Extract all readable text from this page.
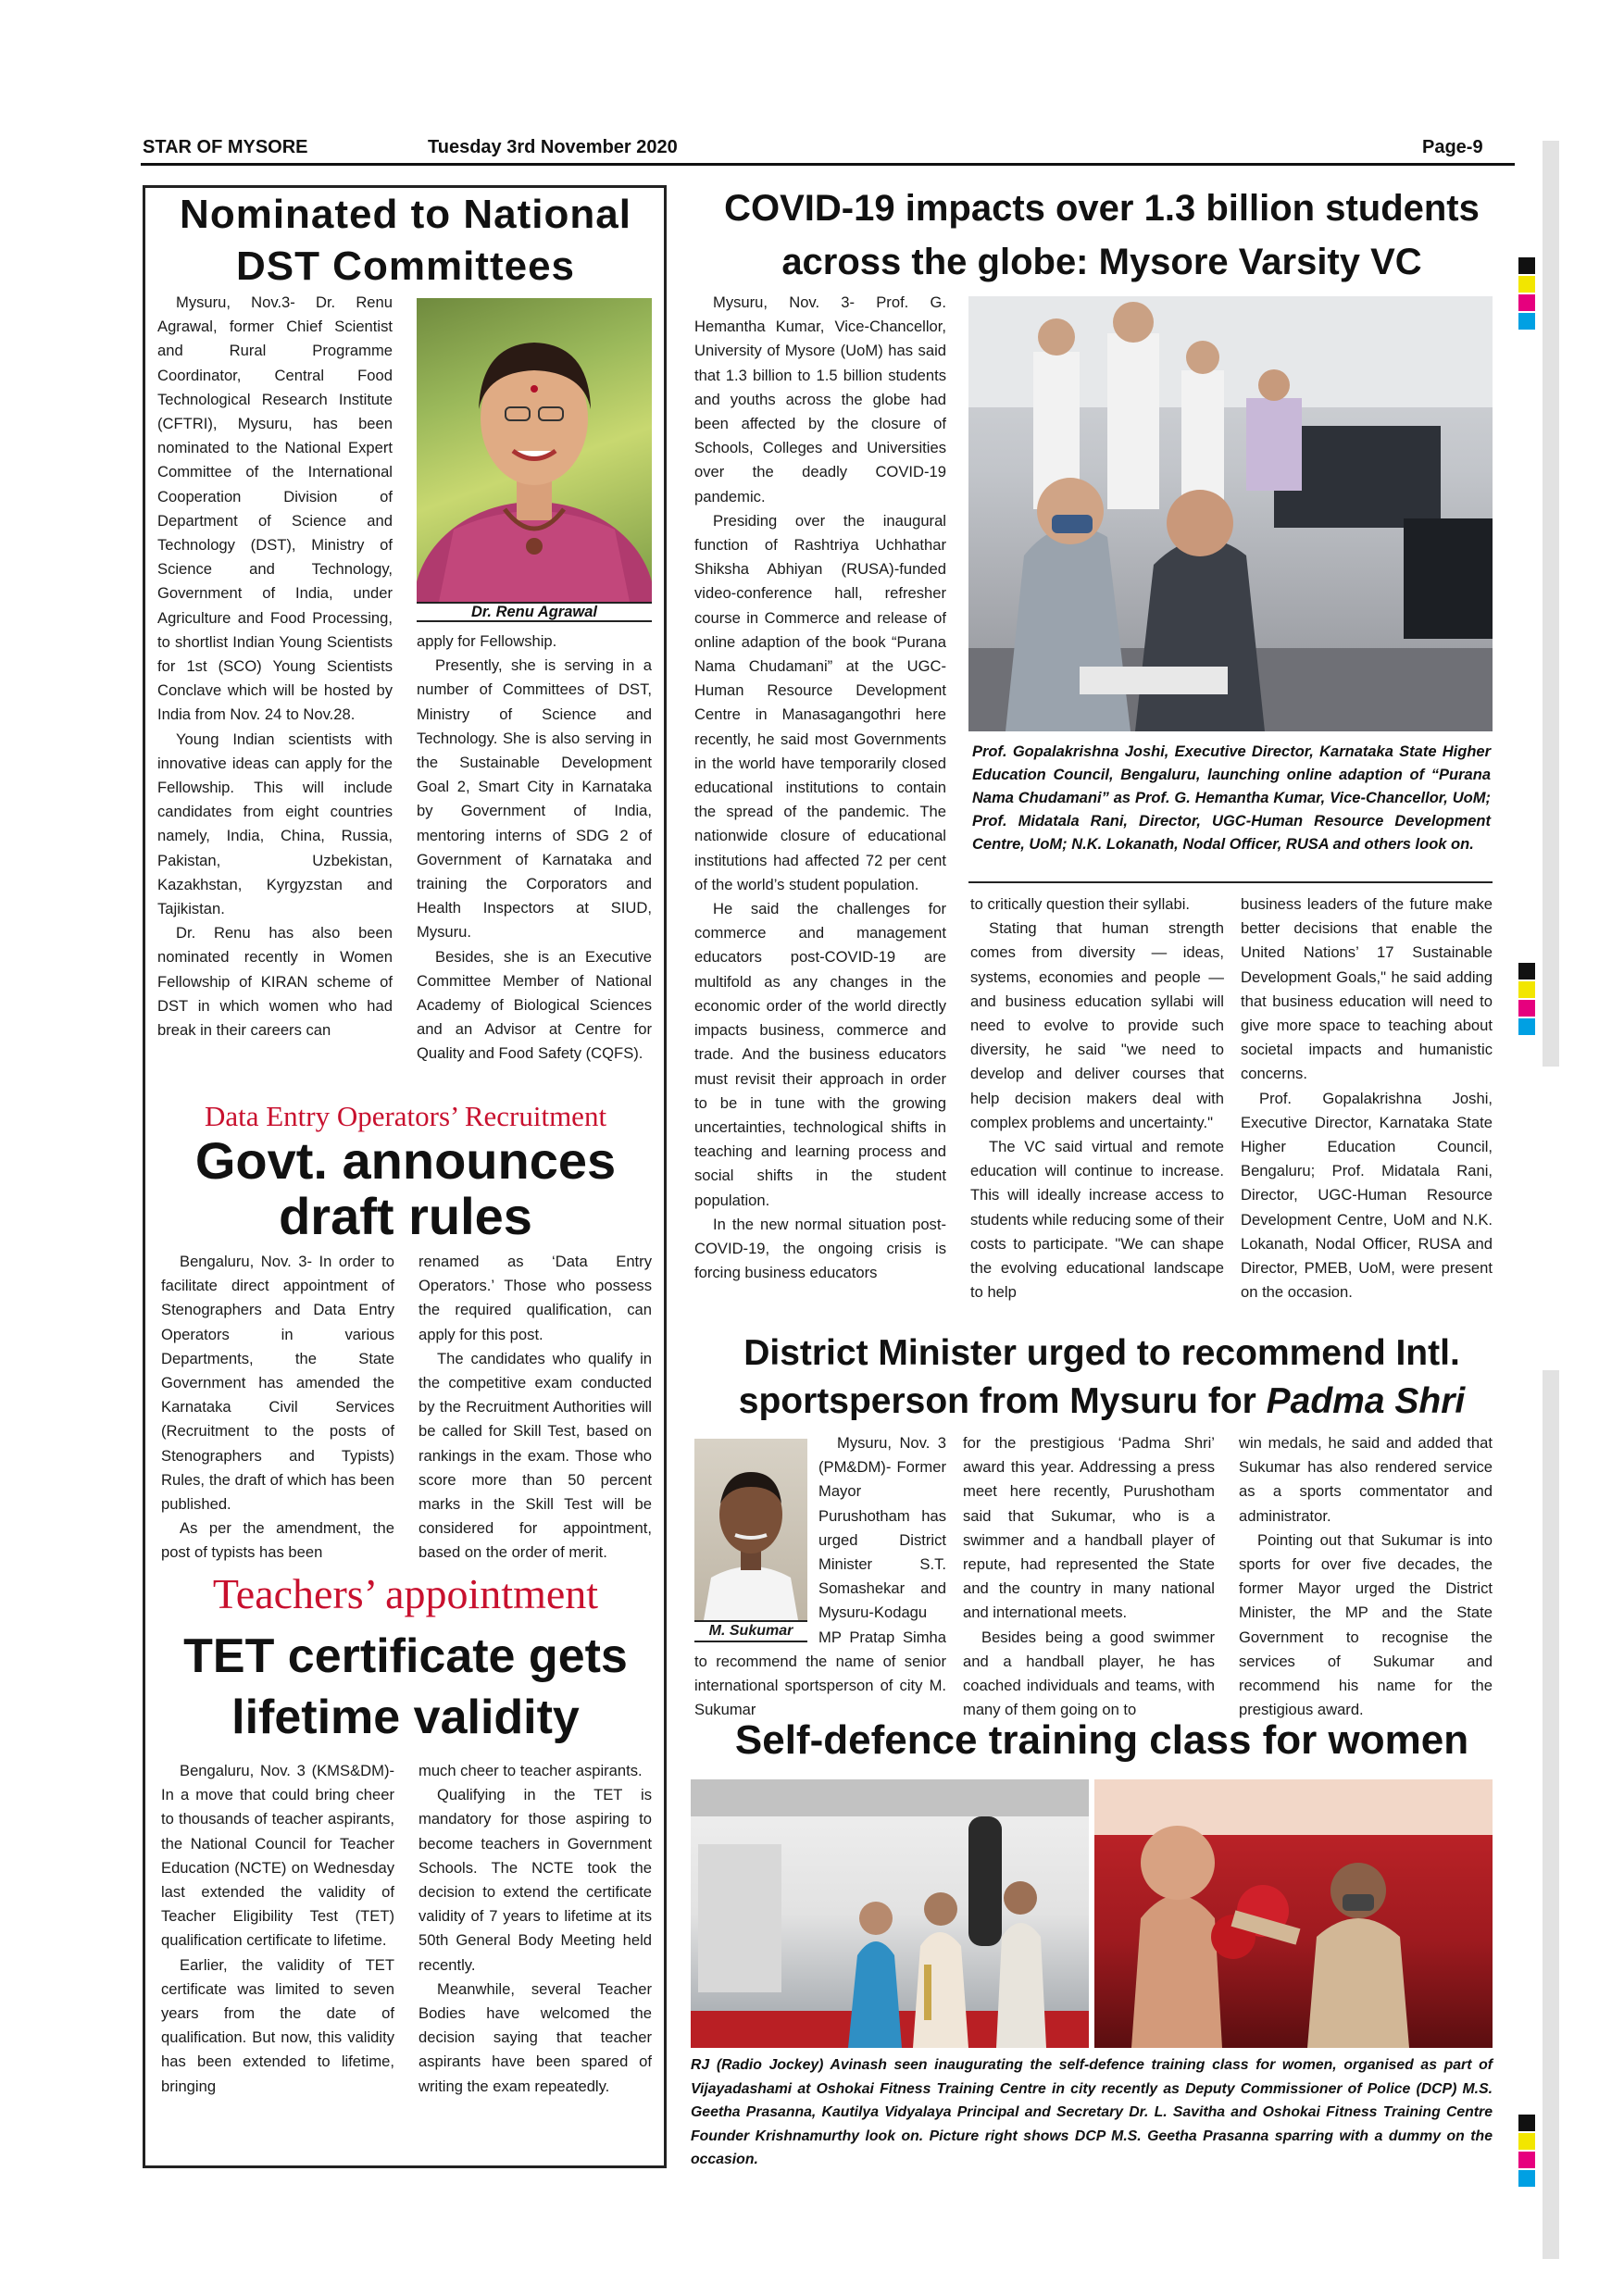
STAR OF MYSORE	Tuesday 3rd November 2020	Page-9
Nominated to National
DST Committees

Mysuru, Nov.3- Dr. Renu Agrawal, former Chief Scientist and Rural Programme Coordinator, Central Food Technological Research Institute (CFTRI), Mysuru, has been nominated to the National Expert Committee of the International Cooperation Division of Department of Science and Technology (DST), Ministry of Science and Technology, Government of India, under Agriculture and Food Processing, to shortlist Indian Young Scientists for 1st (SCO) Young Scientists Conclave which will be hosted by India from Nov. 24 to Nov.28.

Young Indian scientists with innovative ideas can apply for the Fellowship. This will include candidates from eight countries namely, India, China, Russia, Pakistan, Uzbekistan, Kazakhstan, Kyrgyzstan and Tajikistan.

Dr. Renu has also been nominated recently in Women Fellowship of KIRAN scheme of DST in which women who had break in their careers can

Dr. Renu Agrawal

apply for Fellowship.

Presently, she is serving in a number of Committees of DST, Ministry of Science and Technology. She is also serving in the Sustainable Development Goal 2, Smart City in Karnataka by Government of India, mentoring interns of SDG 2 of Government of Karnataka and training the Corporators and Health Inspectors at SIUD, Mysuru.

Besides, she is an Executive Committee Member of National Academy of Biological Sciences and an Advisor at Centre for Quality and Food Safety (CQFS).

Data Entry Operators’ Recruitment
Govt. announces
draft rules

Bengaluru, Nov. 3- In order to facilitate direct appointment of Stenographers and Data Entry Operators in various Departments, the State Government has amended the Karnataka Civil Services (Recruitment to the posts of Stenographers and Typists) Rules, the draft of which has been published.

As per the amendment, the post of typists has been

renamed as ‘Data Entry Operators.’ Those who possess the required qualification, can apply for this post.

The candidates who qualify in the competitive exam conducted by the Recruitment Authorities will be called for Skill Test, based on rankings in the exam. Those who score more than 50 percent marks in the Skill Test will be considered for appointment, based on the order of merit.

Teachers’ appointment
TET certificate gets
lifetime validity

Bengaluru, Nov. 3 (KMS&DM)- In a move that could bring cheer to thousands of teacher aspirants, the National Council for Teacher Education (NCTE) on Wednesday last extended the validity of Teacher Eligibility Test (TET) qualification certificate to lifetime.

Earlier, the validity of TET certificate was limited to seven years from the date of qualification. But now, this validity has been extended to lifetime, bringing

much cheer to teacher aspirants.

Qualifying in the TET is mandatory for those aspiring to become teachers in Government Schools. The NCTE took the decision to extend the certificate validity of 7 years to lifetime at its 50th General Body Meeting held recently.

Meanwhile, several Teacher Bodies have welcomed the decision saying that teacher aspirants have been spared of writing the exam repeatedly.

COVID-19 impacts over 1.3 billion students
across the globe: Mysore Varsity VC

Mysuru, Nov. 3- Prof. G. Hemantha Kumar, Vice-Chancellor, University of Mysore (UoM) has said that 1.3 billion to 1.5 billion students and youths across the globe had been affected by the closure of Schools, Colleges and Universities over the deadly COVID-19 pandemic.

Presiding over the inaugural function of Rashtriya Uchhathar Shiksha Abhiyan (RUSA)-funded video-conference hall, refresher course in Commerce and release of online adaption of the book “Purana Nama Chudamani” at the UGC-Human Resource Development Centre in Manasagangothri here recently, he said most Governments in the world have temporarily closed educational institutions to contain the spread of the pandemic. The nationwide closure of educational institutions had affected 72 per cent of the world’s student population.

He said the challenges for commerce and management educators post-COVID-19 are multifold as any changes in the economic order of the world directly impacts business, commerce and trade. And the business educators must revisit their approach in order to be in tune with the growing uncertainties, technological shifts in teaching and learning process and social shifts in the student population.

In the new normal situation post-COVID-19, the ongoing crisis is forcing business educators

Prof. Gopalakrishna Joshi, Executive Director, Karnataka State Higher Education Council, Bengaluru, launching online adaption of “Purana Nama Chudamani” as Prof. G. Hemantha Kumar, Vice-Chancellor, UoM; Prof. Midatala Rani, Director, UGC-Human Resource Development Centre, UoM; N.K. Lokanath, Nodal Officer, RUSA and others look on.

to critically question their syllabi.

Stating that human strength comes from diversity — ideas, systems, economies and people — and business education syllabi will need to evolve to provide such diversity, he said "we need to develop and deliver courses that help decision makers deal with complex problems and uncertainty."

The VC said virtual and remote education will continue to increase. This will ideally increase access to students while reducing some of their costs to participate. "We can shape the evolving educational landscape to help

business leaders of the future make better decisions that enable the United Nations’ 17 Sustainable Development Goals," he said adding that business education will need to give more space to teaching about societal impacts and humanistic concerns.

Prof. Gopalakrishna Joshi, Executive Director, Karnataka State Higher Education Council, Bengaluru; Prof. Midatala Rani, Director, UGC-Human Resource Development Centre, UoM and N.K. Lokanath, Nodal Officer, RUSA and Director, PMEB, UoM, were present on the occasion.

District Minister urged to recommend Intl.
sportsperson from Mysuru for Padma Shri
M. Sukumar

Mysuru, Nov. 3 (PM&DM)- Former Mayor Purushotham has urged District Minister S.T. Somashekar and Mysuru-Kodagu MP Pratap Simha to recommend the name of senior international sportsperson of city M. Sukumar

for the prestigious ‘Padma Shri’ award this year. Addressing a press meet here recently, Purushotham said that Sukumar, who is a swimmer and a handball player of repute, had represented the State and the country in many national and international meets.

Besides being a good swimmer and a handball player, he has coached individuals and teams, with many of them going on to

win medals, he said and added that Sukumar has also rendered service as a sports commentator and administrator.

Pointing out that Sukumar is into sports for over five decades, the former Mayor urged the District Minister, the MP and the State Government to recognise the services of Sukumar and recommend his name for the prestigious award.

Self-defence training class for women
RJ (Radio Jockey) Avinash seen inaugurating the self-defence training class for women, organised as part of Vijayadashami at Oshokai Fitness Training Centre in city recently as Deputy Commissioner of Police (DCP) M.S. Geetha Prasanna, Kautilya Vidyalaya Principal and Secretary Dr. L. Savitha and Oshokai Fitness Training Centre Founder Krishnamurthy look on. Picture right shows DCP M.S. Geetha Prasanna sparring with a dummy on the occasion.
